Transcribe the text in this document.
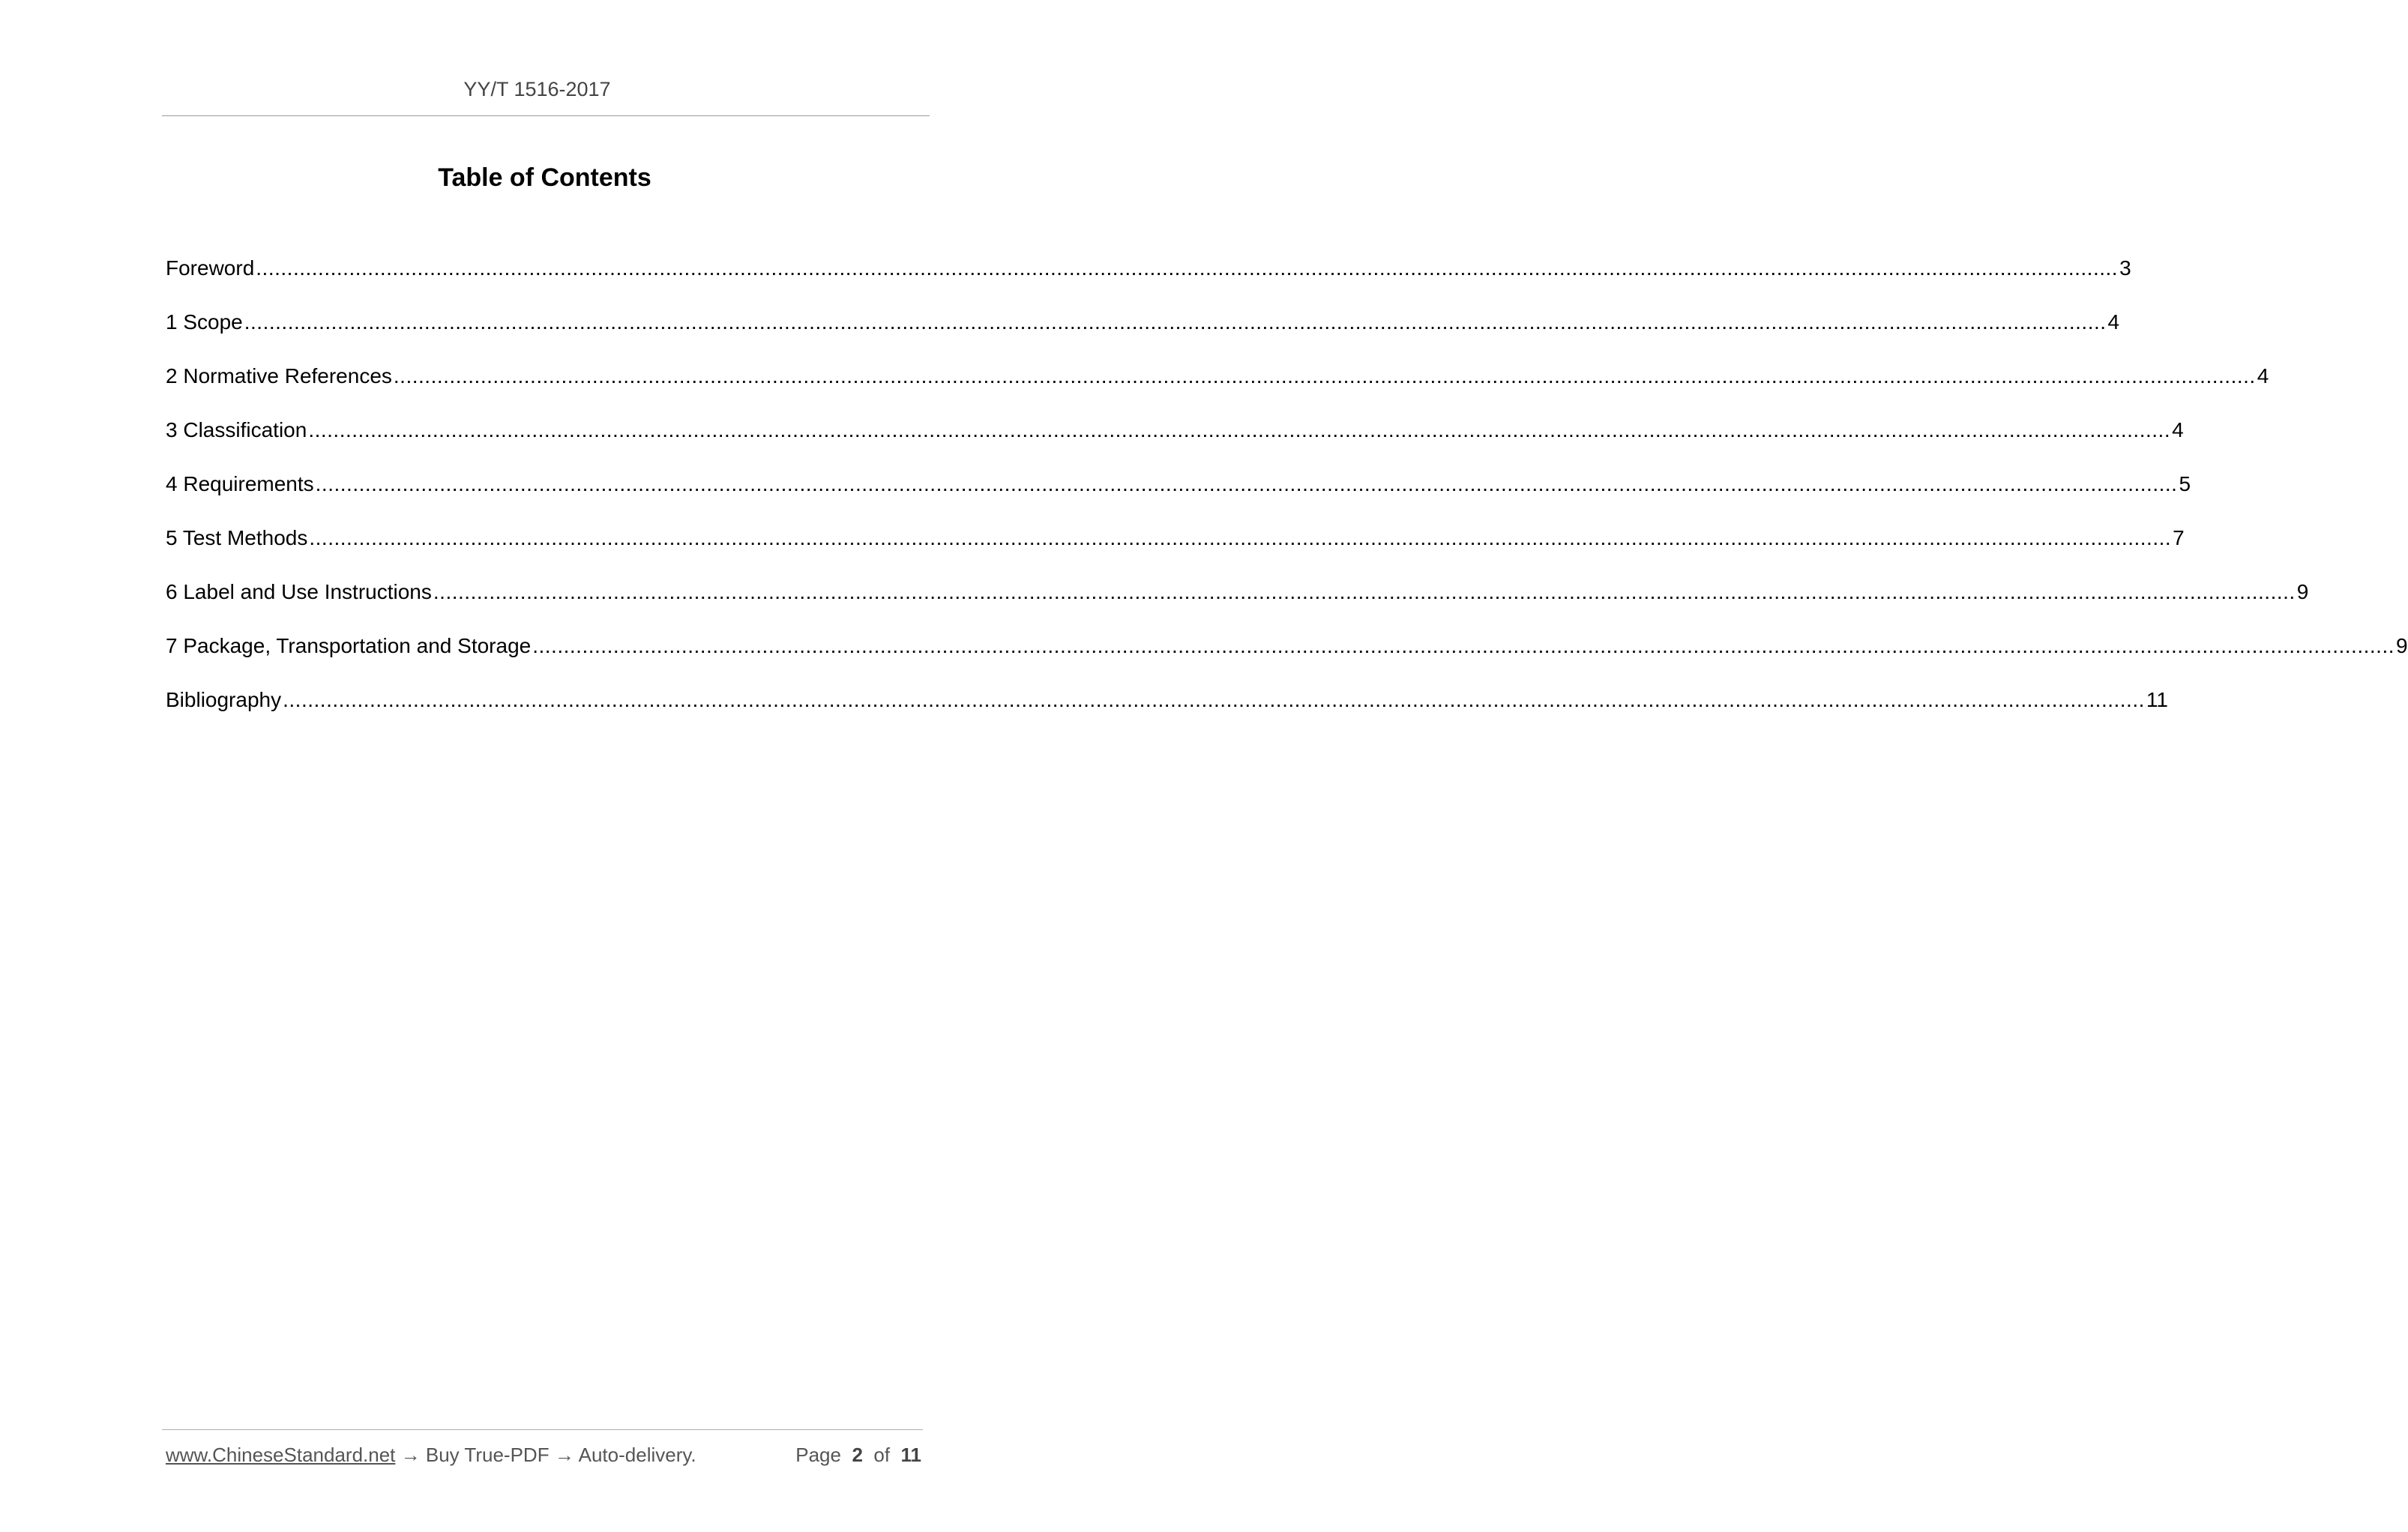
YY/T 1516-2017
Table of Contents
Foreword ............................................................................................................................................................................................................................................................................................................ 3
1 Scope ............................................................................................................................................................................................................................................................................................................ 4
2 Normative References ............................................................................................................................................................................................................................................................................................................ 4
3 Classification ............................................................................................................................................................................................................................................................................................................ 4
4 Requirements ............................................................................................................................................................................................................................................................................................................ 5
5 Test Methods ............................................................................................................................................................................................................................................................................................................ 7
6 Label and Use Instructions ............................................................................................................................................................................................................................................................................................................ 9
7 Package, Transportation and Storage ............................................................................................................................................................................................................................................................................................................ 9
Bibliography ............................................................................................................................................................................................................................................................................................................ 11
www.ChineseStandard.net → Buy True-PDF → Auto-delivery.	Page 2 of 11
